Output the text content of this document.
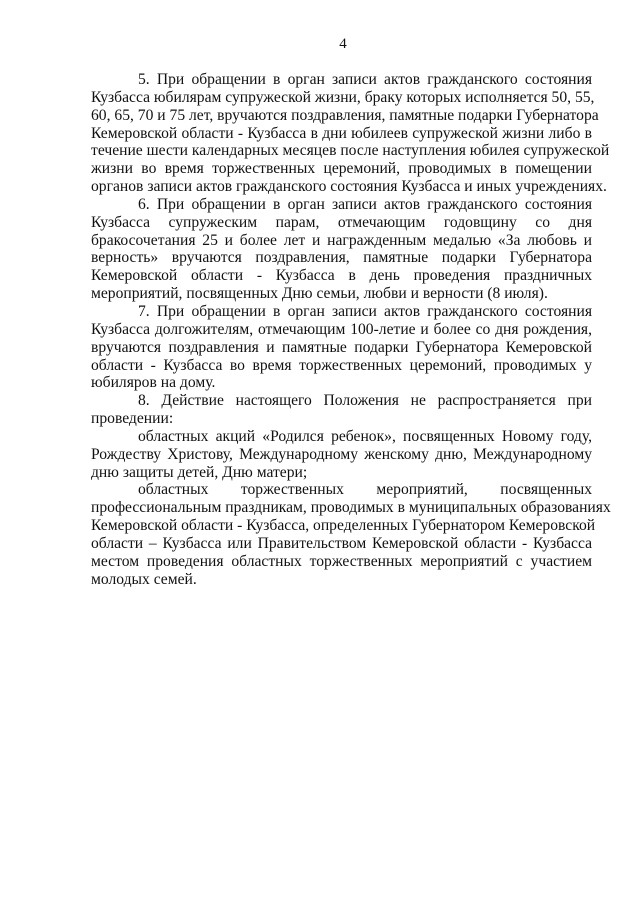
4
5. При обращении в орган записи актов гражданского состояния
Кузбасса юбилярам супружеской жизни, браку которых исполняется 50, 55,
60, 65, 70 и 75 лет, вручаются поздравления, памятные подарки Губернатора
Кемеровской области - Кузбасса в дни юбилеев супружеской жизни либо в
течение шести календарных месяцев после наступления юбилея супружеской
жизни во время торжественных церемоний, проводимых в помещении
органов записи актов гражданского состояния Кузбасса и иных учреждениях.
6. При обращении в орган записи актов гражданского состояния
Кузбасса супружеским парам, отмечающим годовщину со дня
бракосочетания 25 и более лет и награжденным медалью «За любовь и
верность» вручаются поздравления, памятные подарки Губернатора
Кемеровской области - Кузбасса в день проведения праздничных
мероприятий, посвященных Дню семьи, любви и верности (8 июля).
7. При обращении в орган записи актов гражданского состояния
Кузбасса долгожителям, отмечающим 100-летие и более со дня рождения,
вручаются поздравления и памятные подарки Губернатора Кемеровской
области - Кузбасса во время торжественных церемоний, проводимых у
юбиляров на дому.
8. Действие настоящего Положения не распространяется при
проведении:
областных акций «Родился ребенок», посвященных Новому году,
Рождеству Христову, Международному женскому дню, Международному
дню защиты детей, Дню матери;
областных торжественных мероприятий, посвященных
профессиональным праздникам, проводимых в муниципальных образованиях
Кемеровской области - Кузбасса, определенных Губернатором Кемеровской
области – Кузбасса или Правительством Кемеровской области - Кузбасса
местом проведения областных торжественных мероприятий с участием
молодых семей.
